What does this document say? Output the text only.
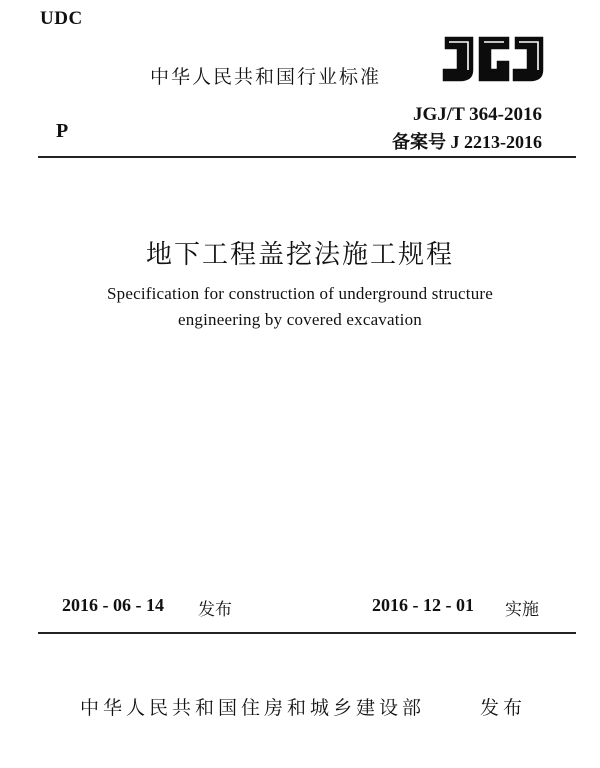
UDC
中华人民共和国行业标准
P
JGJ/T 364-2016
备案号 J 2213-2016
地下工程盖挖法施工规程
Specification for construction of underground structure
engineering by covered excavation
2016 - 06 - 14 发布	2016 - 12 - 01 实施
中华人民共和国住房和城乡建设部	发布
